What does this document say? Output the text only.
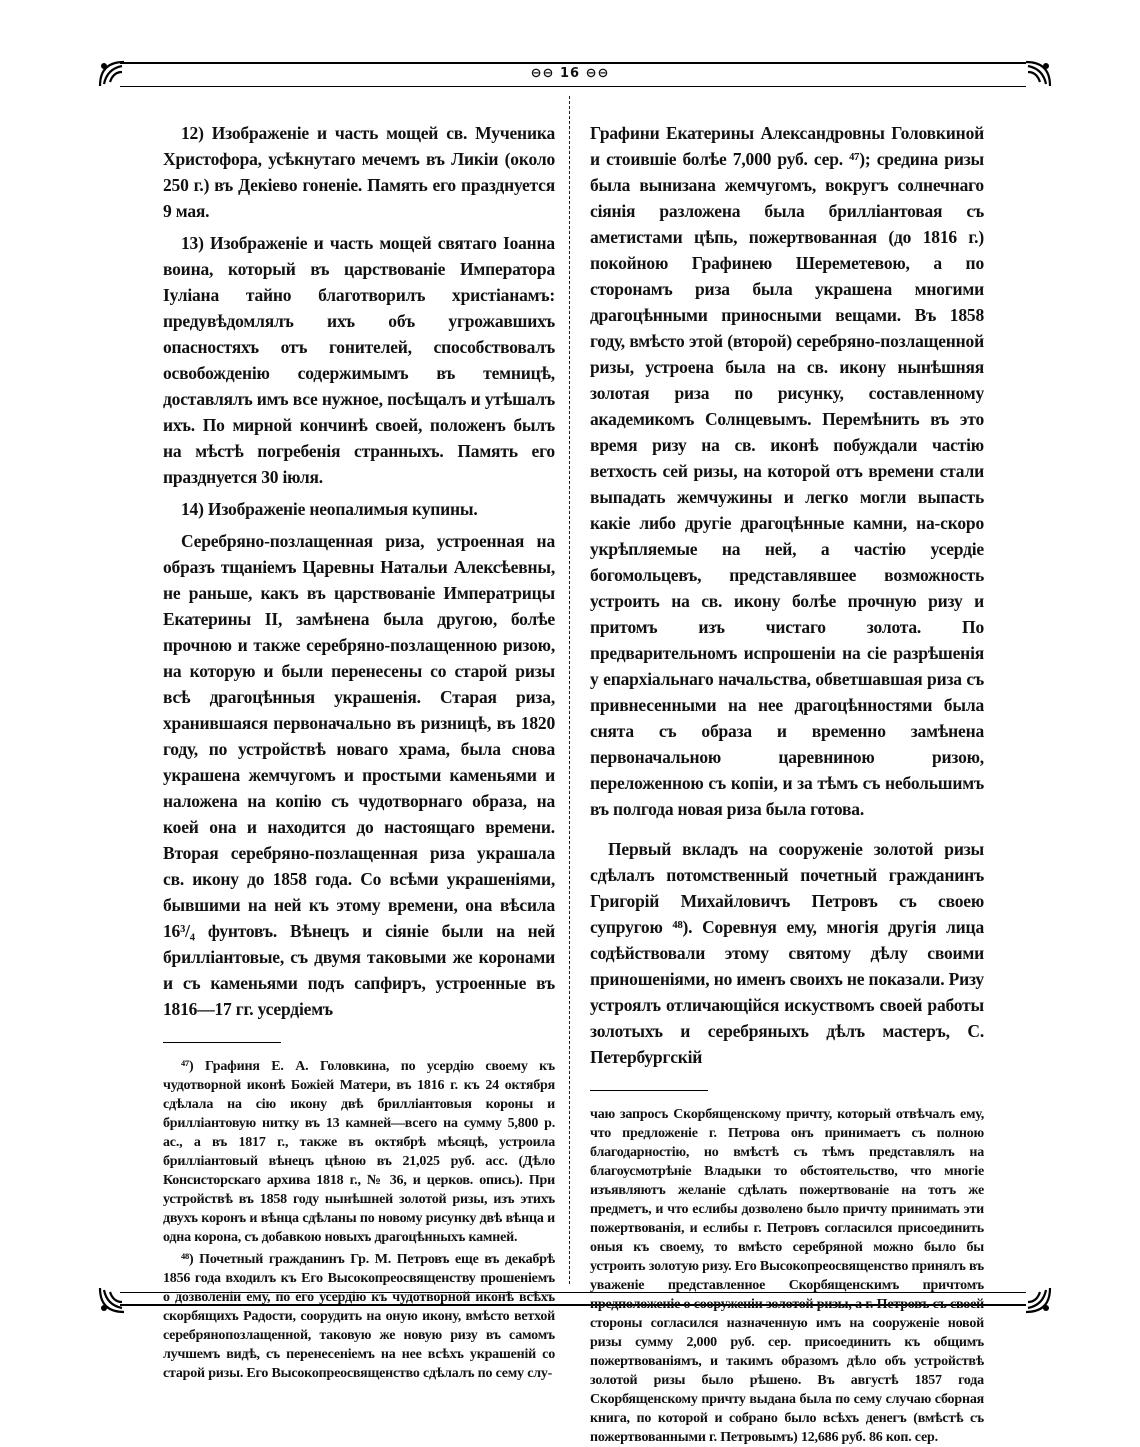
⊖⊖ 16 ⊖⊖

12) Изображеніе и часть мощей св. Мученика Христофора, усѣкнутаго мечемъ въ Ликіи (около 250 г.) въ Декіево гоненіе. Память его празднуется 9 мая.

13) Изображеніе и часть мощей святаго Іоанна воина, который въ царствованіе Императора Іуліана тайно благотворилъ христіанамъ: предувѣдомлялъ ихъ объ угрожавшихъ опасностяхъ отъ гонителей, способствовалъ освобожденію содержимымъ въ темницѣ, доставлялъ имъ все нужное, посѣщалъ и утѣшалъ ихъ. По мирной кончинѣ своей, положенъ былъ на мѣстѣ погребенія странныхъ. Память его празднуется 30 іюля.

14) Изображеніе неопалимыя купины.

Серебряно-позлащенная риза, устроенная на образъ тщаніемъ Царевны Натальи Алексѣевны, не раньше, какъ въ царствованіе Императрицы Екатерины II, замѣнена была другою, болѣе прочною и также серебряно-позлащенною ризою, на которую и были перенесены со старой ризы всѣ драгоцѣнныя украшенія. Старая риза, хранившаяся первоначально въ ризницѣ, въ 1820 году, по устройствѣ новаго храма, была снова украшена жемчугомъ и простыми каменьями и наложена на копію съ чудотворнаго образа, на коей она и находится до настоящаго времени. Вторая серебряно-позлащенная риза украшала св. икону до 1858 года. Со всѣми украшеніями, бывшими на ней къ этому времени, она вѣсила 16³/₄ фунтовъ. Вѣнецъ и сіяніе были на ней брилліантовые, съ двумя таковыми же коронами и съ каменьями подъ сапфиръ, устроенные въ 1816—17 гг. усердіемъ

⁴⁷) Графиня Е. А. Головкина, по усердію своему къ чудотворной иконѣ Божіей Матери, въ 1816 г. къ 24 октября сдѣлала на сію икону двѣ брилліантовыя короны и брилліантовую нитку въ 13 камней—всего на сумму 5,800 р. ас., а въ 1817 г., также въ октябрѣ мѣсяцѣ, устроила брилліантовый вѣнецъ цѣною въ 21,025 руб. асс. (Дѣло Консисторскаго архива 1818 г., № 36, и церков. опись). При устройствѣ въ 1858 году нынѣшней золотой ризы, изъ этихъ двухъ коронъ и вѣнца сдѣланы по новому рисунку двѣ вѣнца и одна корона, съ добавкою новыхъ драгоцѣнныхъ камней.

⁴⁸) Почетный гражданинъ Гр. М. Петровъ еще въ декабрѣ 1856 года входилъ къ Его Высокопреосвященству прошеніемъ о дозволеніи ему, по его усердію къ чудотворной иконѣ всѣхъ скорбящихъ Радости, соорудить на оную икону, вмѣсто ветхой серебрянопозлащенной, таковую же новую ризу въ самомъ лучшемъ видѣ, съ перенесеніемъ на нее всѣхъ украшеній со старой ризы. Его Высокопреосвященство сдѣлалъ по сему слу-

Графини Екатерины Александровны Головкиной и стоившіе болѣе 7,000 руб. сер. ⁴⁷); средина ризы была вынизана жемчугомъ, вокругъ солнечнаго сіянія разложена была брилліантовая съ аметистами цѣпь, пожертвованная (до 1816 г.) покойною Графинею Шереметевою, а по сторонамъ риза была украшена многими драгоцѣнными приносными вещами. Въ 1858 году, вмѣсто этой (второй) серебряно-позлащенной ризы, устроена была на св. икону нынѣшняя золотая риза по рисунку, составленному академикомъ Солнцевымъ. Перемѣнить въ это время ризу на св. иконѣ побуждали частію ветхость сей ризы, на которой отъ времени стали выпадать жемчужины и легко могли выпасть какіе либо другіе драгоцѣнные камни, на-скоро укрѣпляемые на ней, а частію усердіе богомольцевъ, представлявшее возможность устроить на св. икону болѣе прочную ризу и притомъ изъ чистаго золота. По предварительномъ испрошеніи на сіе разрѣшенія у епархіальнаго начальства, обветшавшая риза съ привнесенными на нее драгоцѣнностями была снята съ образа и временно замѣнена первоначальною царевниною ризою, переложенною съ копіи, и за тѣмъ съ небольшимъ въ полгода новая риза была готова.

Первый вкладъ на сооруженіе золотой ризы сдѣлалъ потомственный почетный гражданинъ Григорій Михайловичъ Петровъ съ своею супругою ⁴⁸). Соревнуя ему, многія другія лица содѣйствовали этому святому дѣлу своими приношеніями, но именъ своихъ не показали. Ризу устроялъ отличающійся искуствомъ своей работы золотыхъ и серебряныхъ дѣлъ мастеръ, С. Петербургскій

чаю запросъ Скорбященскому причту, который отвѣчалъ ему, что предложеніе г. Петрова онъ принимаетъ съ полною благодарностію, но вмѣстѣ съ тѣмъ представлялъ на благоусмотрѣніе Владыки то обстоятельство, что многіе изъявляютъ желаніе сдѣлать пожертвованіе на тотъ же предметъ, и что еслибы дозволено было причту принимать эти пожертвованія, и еслибы г. Петровъ согласился присоединить оныя къ своему, то вмѣсто серебряной можно было бы устроить золотую ризу. Его Высокопреосвященство принялъ въ уваженіе представленное Скорбященскимъ причтомъ предположеніе о сооруженіи золотой ризы, а г. Петровъ съ своей стороны согласился назначенную имъ на сооруженіе новой ризы сумму 2,000 руб. сер. присоединить къ общимъ пожертвованіямъ, и такимъ образомъ дѣло объ устройствѣ золотой ризы было рѣшено. Въ августѣ 1857 года Скорбященскому причту выдана была по сему случаю сборная книга, по которой и собрано было всѣхъ денегъ (вмѣстѣ съ пожертвованными г. Петровымъ) 12,686 руб. 86 коп. сер.
